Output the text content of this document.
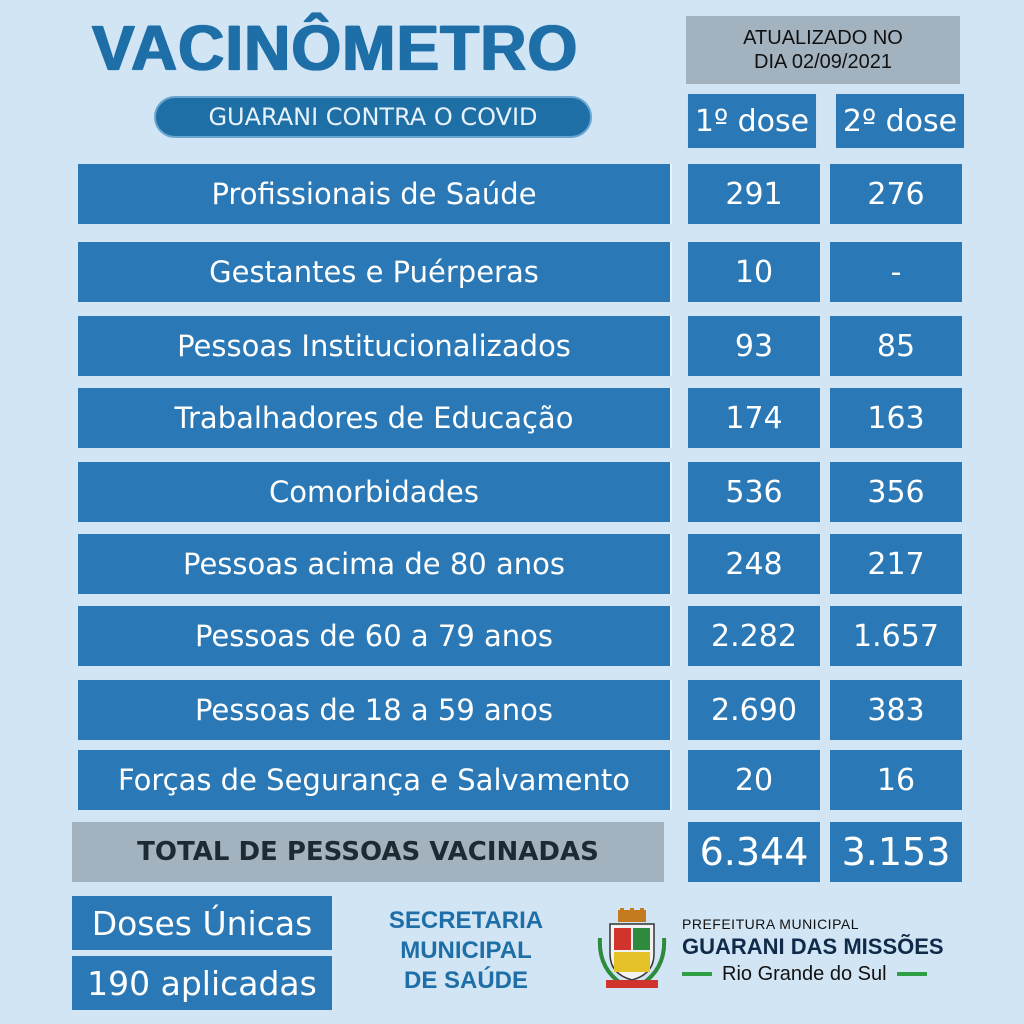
VACINÔMETRO
GUARANI CONTRA O COVID
ATUALIZADO NO
DIA 02/09/2021
1º dose 2º dose
Profissionais de Saúde	291	276
Gestantes e Puérperas	10	-
Pessoas Institucionalizados	93	85
Trabalhadores de Educação	174	163
Comorbidades	536	356
Pessoas acima de 80 anos	248	217
Pessoas de 60 a 79 anos	2.282	1.657
Pessoas de 18 a 59 anos	2.690	383
Forças de Segurança e Salvamento	20	16
TOTAL DE PESSOAS VACINADAS	6.344 3.153
Doses Únicas
190 aplicadas
SECRETARIA
MUNICIPAL
DE SAÚDE
PREFEITURA MUNICIPAL
GUARANI DAS MISSÕES
Rio Grande do Sul
